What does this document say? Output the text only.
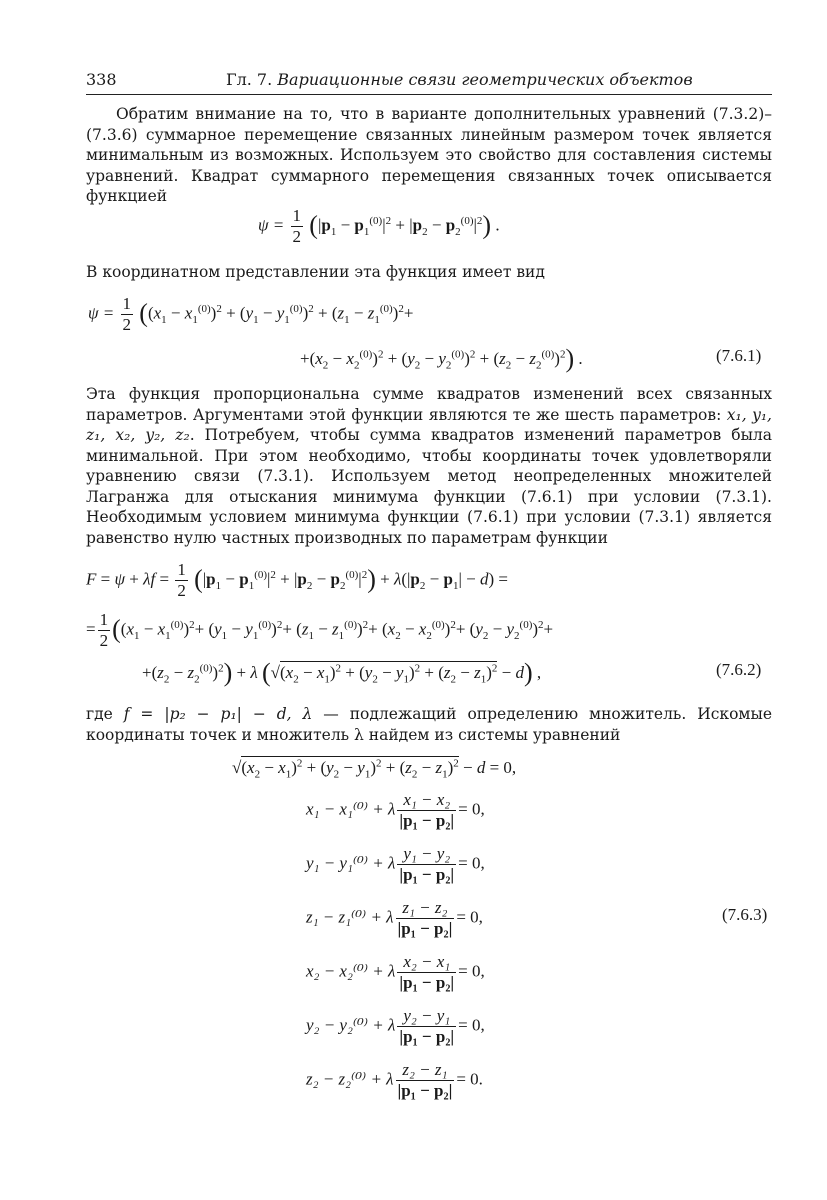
338	Гл. 7. Вариационные связи геометрических объектов

Обратим внимание на то, что в варианте дополнительных уравнений (7.3.2)–(7.3.6) суммарное перемещение связанных линейным размером точек является минимальным из возможных. Используем это свойство для составления системы уравнений. Квадрат суммарного перемещения связанных точек описывается функцией

$\psi = \frac{1}{2} (|p_1 - p_1^{(0)}|^2 + |p_2 - p_2^{(0)}|^2)$ .

В координатном представлении эта функция имеет вид

$\psi = \frac{1}{2} ((x_1 - x_1^{(0)})^2 + (y_1 - y_1^{(0)})^2 + (z_1 - z_1^{(0)})^2+$
$+(x_2 - x_2^{(0)})^2 + (y_2 - y_2^{(0)})^2 + (z_2 - z_2^{(0)})^2$) .	(7.6.1)

Эта функция пропорциональна сумме квадратов изменений всех связанных параметров. Аргументами этой функции являются те же шесть параметров: x₁, y₁, z₁, x₂, y₂, z₂. Потребуем, чтобы сумма квадратов изменений параметров была минимальной. При этом необходимо, чтобы координаты точек удовлетворяли уравнению связи (7.3.1). Используем метод неопределенных множителей Лагранжа для отыскания минимума функции (7.6.1) при условии (7.3.1). Необходимым условием минимума функции (7.6.1) при условии (7.3.1) является равенство нулю частных производных по параметрам функции

$F = \psi + \lambda f = \frac{1}{2} (|p_1 - p_1^{(0)}|^2 + |p_2 - p_2^{(0)}|^2) + \lambda(|p_2 - p_1| - d)$ =
= $\frac{1}{2} ((x_1 - x_1^{(0)})^2+ (y_1 - y_1^{(0)})^2+ (z_1 - z_1^{(0)})^2+ (x_2 - x_2^{(0)})^2+ (y_2 - y_2^{(0)})^2+$
$+(z_2 - z_2^{(0)})^2) + \lambda$ $(√(x_2 - x_1)^2 + (y_2 - y_1)^2 + (z_2 - z_1)^2 - d)$ ,	(7.6.2)

где f = |p₂ − p₁| − d, λ — подлежащий определению множитель. Искомые координаты точек и множитель λ найдем из системы уравнений

$√(x_2 - x_1)^2 + (y_2 - y_1)^2 + (z_2 - z_1)^2 - d = 0$,
x₁ − x₁⁽⁰⁾ + λ $\frac{\text{x₁ − x₂}}{\text{|p₁ − p₂|}} = 0$,
y₁ − y₁⁽⁰⁾ + λ $\frac{\text{y₁ − y₂}}{\text{|p₁ − p₂|}} = 0$,
z₁ − z₁⁽⁰⁾ + λ $\frac{\text{z₁ − z₂}}{\text{|p₁ − p₂|}} = 0$,
x₂ − x₂⁽⁰⁾ + λ $\frac{\text{x₂ − x₁}}{\text{|p₁ − p₂|}} = 0$,
y₂ − y₂⁽⁰⁾ + λ $\frac{\text{y₂ − y₁}}{\text{|p₁ − p₂|}} = 0$,
z₂ − z₂⁽⁰⁾ + λ $\frac{\text{z₂ − z₁}}{\text{|p₁ − p₂|}} = 0$.
(7.6.3)
